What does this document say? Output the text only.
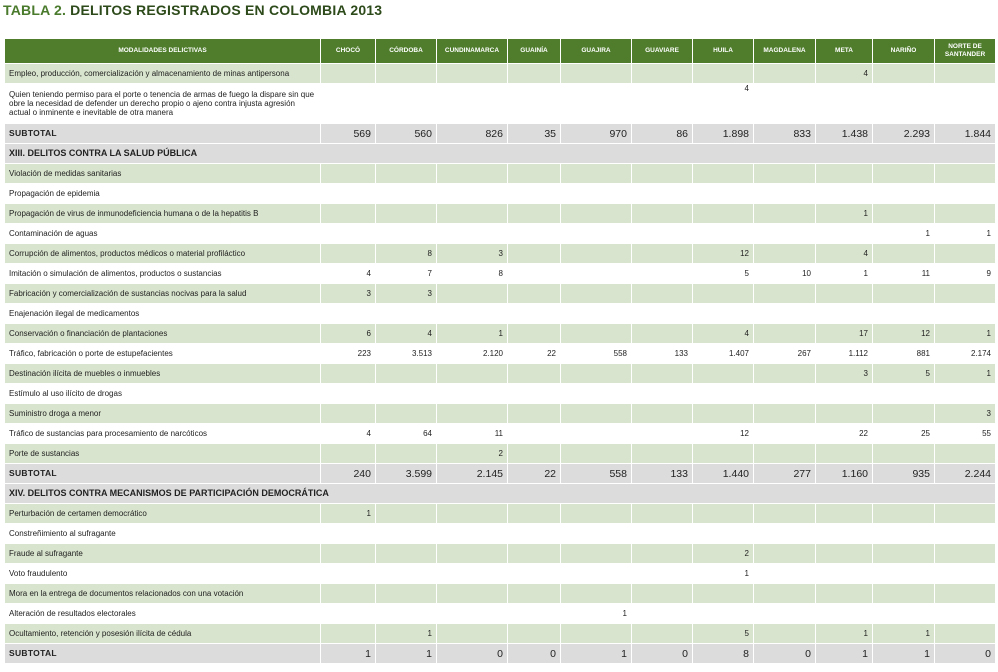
TABLA 2. DELITOS REGISTRADOS EN COLOMBIA 2013
MODALIDADES DELICTIVAS	CHOCÓ	CÓRDOBA	CUNDINAMARCA	GUAINÍA	GUAJIRA	GUAVIARE	HUILA	MAGDALENA	META	NARIÑO	NORTE DE SANTANDER
Empleo, producción, comercialización y almacenamiento de minas antipersona									4		
Quien teniendo permiso para el porte o tenencia de armas de fuego la dispare sin que obre la necesidad de defender un derecho propio o ajeno contra injusta agresión actual o inminente e inevitable de otra manera							4				
SUBTOTAL	569	560	826	35	970	86	1.898	833	1.438	2.293	1.844
XIII. DELITOS CONTRA LA SALUD PÚBLICA											
Violación de medidas sanitarias											
Propagación de epidemia											
Propagación de virus de inmunodeficiencia humana o de la hepatitis B									1		
Contaminación de aguas										1	1
Corrupción de alimentos, productos médicos o material profiláctico		8	3				12		4		
Imitación o simulación de alimentos, productos o sustancias	4	7	8				5	10	1	11	9
Fabricación y comercialización de sustancias nocivas para la salud	3	3									
Enajenación ilegal de medicamentos											
Conservación o financiación de plantaciones	6	4	1				4		17	12	1
Tráfico, fabricación o porte de estupefacientes	223	3.513	2.120	22	558	133	1.407	267	1.112	881	2.174
Destinación ilícita de muebles o inmuebles									3	5	1
Estímulo al uso ilícito de drogas											
Suministro droga a menor											3
Tráfico de sustancias para procesamiento de narcóticos	4	64	11				12		22	25	55
Porte de sustancias			2								
SUBTOTAL	240	3.599	2.145	22	558	133	1.440	277	1.160	935	2.244
XIV. DELITOS CONTRA MECANISMOS DE PARTICIPACIÓN DEMOCRÁTICA											
Perturbación de certamen democrático	1										
Constreñimiento al sufragante											
Fraude al sufragante							2				
Voto fraudulento							1				
Mora en la entrega de documentos relacionados con una votación											
Alteración de resultados electorales					1						
Ocultamiento, retención y posesión ilícita de cédula		1					5		1	1	
SUBTOTAL	1	1	0	0	1	0	8	0	1	1	0
